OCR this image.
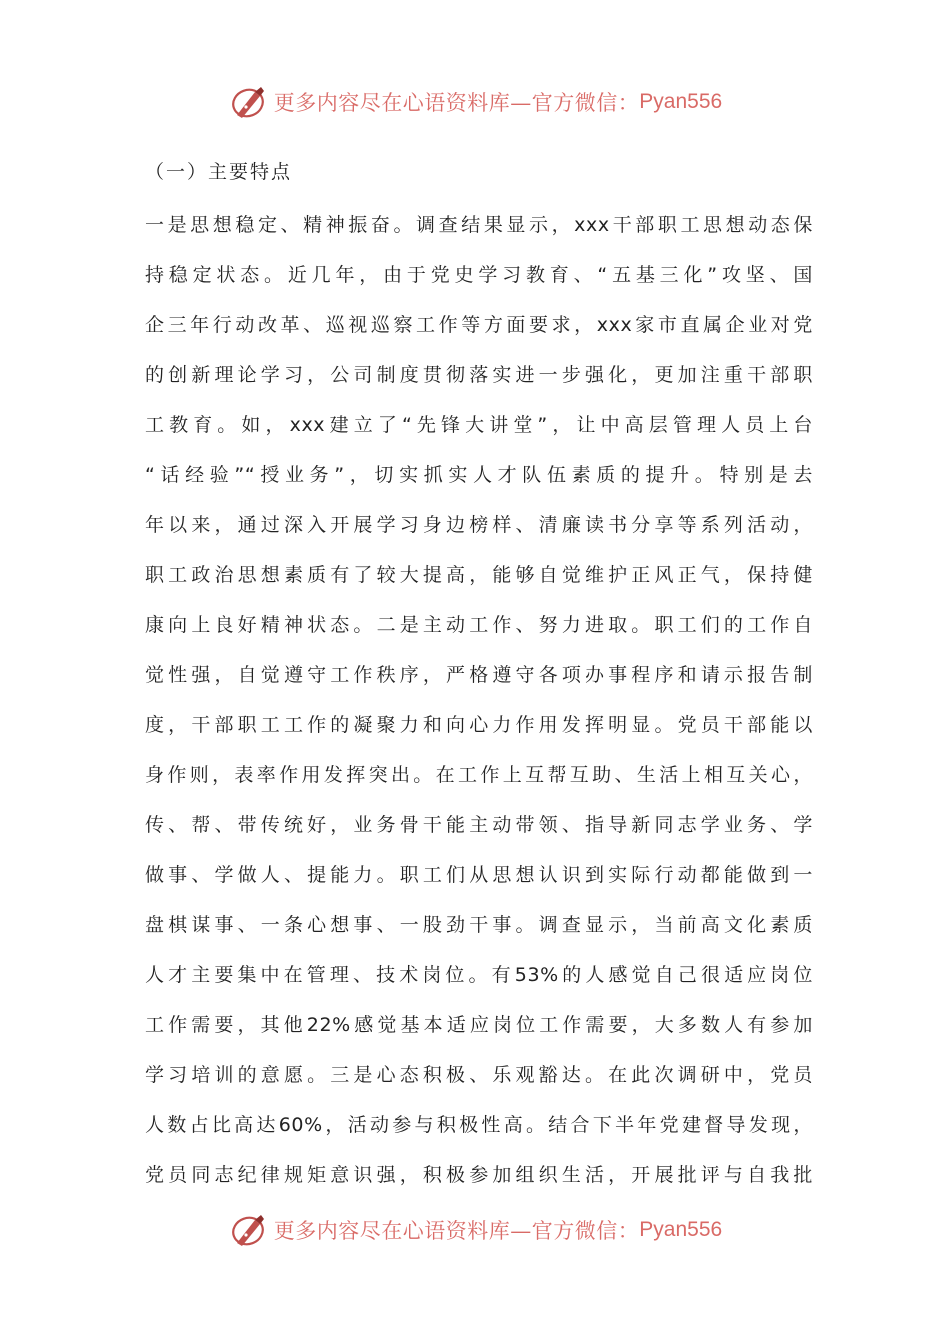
更多内容尽在心语资料库—官方微信： Pyan556
（一）主要特点
一是思想稳定、精神振奋。调查结果显示，xxx干部职工思想动态保
持稳定状态。近几年，由于党史学习教育、“五基三化”攻坚、国
企三年行动改革、巡视巡察工作等方面要求，xxx家市直属企业对党
的创新理论学习，公司制度贯彻落实进一步强化，更加注重干部职
工教育。如，xxx建立了“先锋大讲堂”，让中高层管理人员上台
“话经验”“授业务”，切实抓实人才队伍素质的提升。特别是去
年以来，通过深入开展学习身边榜样、清廉读书分享等系列活动，
职工政治思想素质有了较大提高，能够自觉维护正风正气，保持健
康向上良好精神状态。二是主动工作、努力进取。职工们的工作自
觉性强，自觉遵守工作秩序，严格遵守各项办事程序和请示报告制
度，干部职工工作的凝聚力和向心力作用发挥明显。党员干部能以
身作则，表率作用发挥突出。在工作上互帮互助、生活上相互关心，
传、帮、带传统好，业务骨干能主动带领、指导新同志学业务、学
做事、学做人、提能力。职工们从思想认识到实际行动都能做到一
盘棋谋事、一条心想事、一股劲干事。调查显示，当前高文化素质
人才主要集中在管理、技术岗位。有53%的人感觉自己很适应岗位
工作需要，其他22%感觉基本适应岗位工作需要，大多数人有参加
学习培训的意愿。三是心态积极、乐观豁达。在此次调研中，党员
人数占比高达60%，活动参与积极性高。结合下半年党建督导发现，
党员同志纪律规矩意识强，积极参加组织生活，开展批评与自我批
更多内容尽在心语资料库—官方微信： Pyan556
